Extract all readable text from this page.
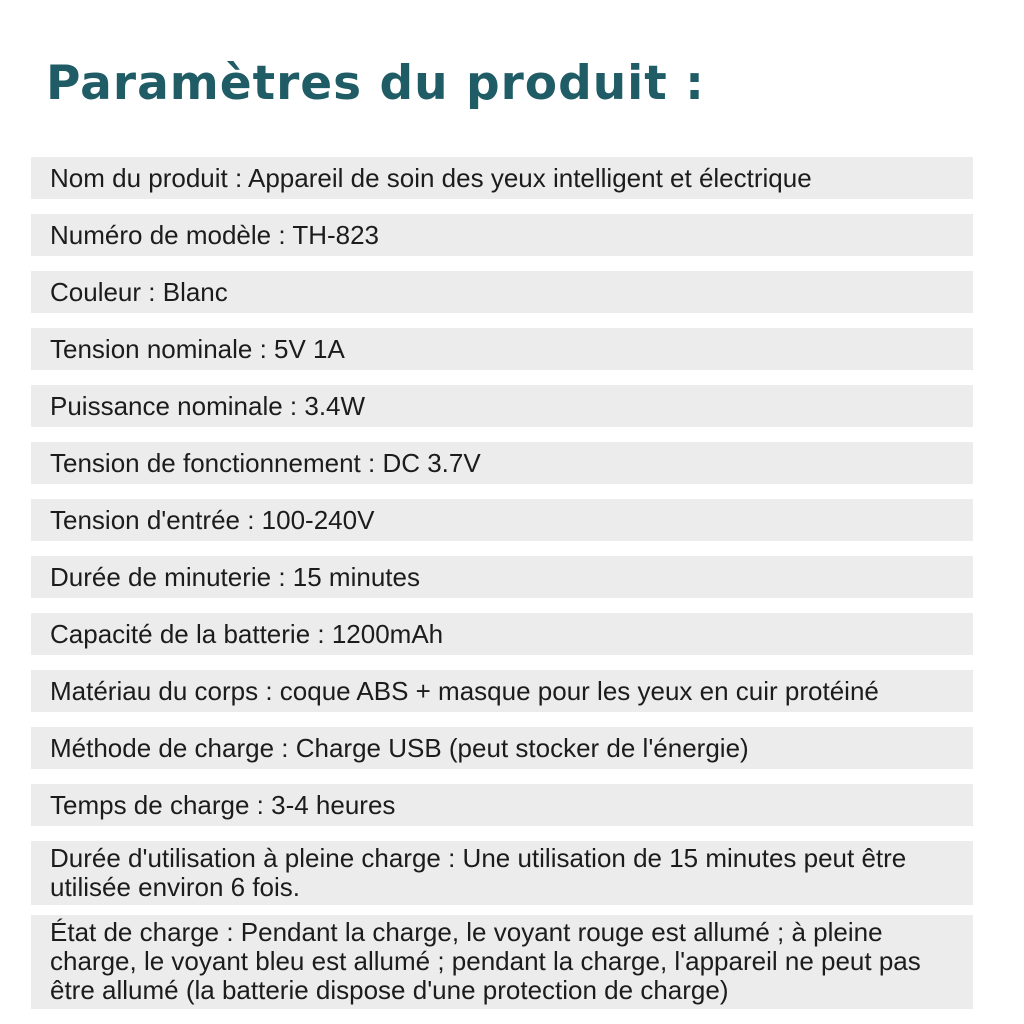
Paramètres du produit :
Nom du produit : Appareil de soin des yeux intelligent et électrique
Numéro de modèle : TH-823
Couleur : Blanc
Tension nominale : 5V 1A
Puissance nominale : 3.4W
Tension de fonctionnement : DC 3.7V
Tension d'entrée : 100-240V
Durée de minuterie : 15 minutes
Capacité de la batterie : 1200mAh
Matériau du corps : coque ABS + masque pour les yeux en cuir protéiné
Méthode de charge : Charge USB (peut stocker de l'énergie)
Temps de charge : 3-4 heures
Durée d'utilisation à pleine charge : Une utilisation de 15 minutes peut être utilisée environ 6 fois.
État de charge : Pendant la charge, le voyant rouge est allumé ; à pleine charge, le voyant bleu est allumé ; pendant la charge, l'appareil ne peut pas être allumé (la batterie dispose d'une protection de charge)
